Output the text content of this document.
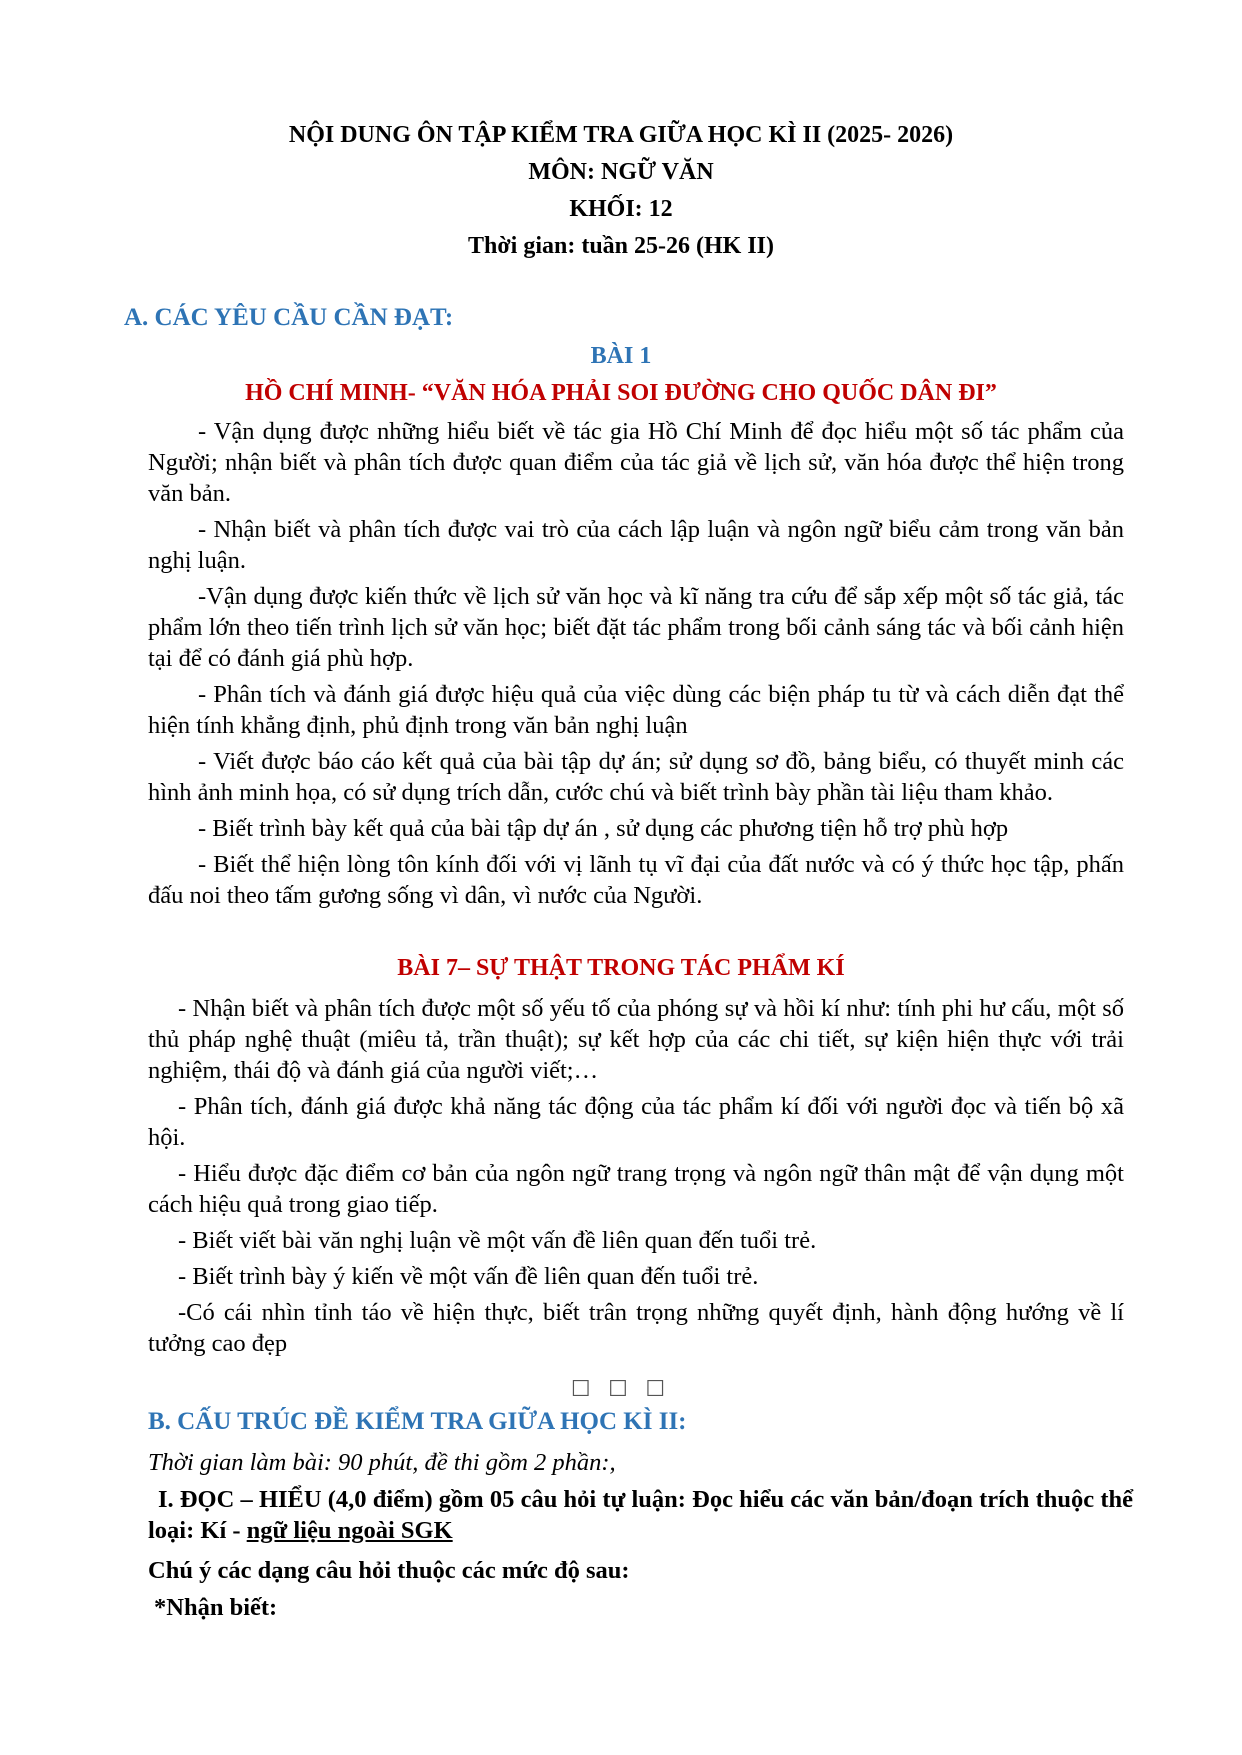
NỘI DUNG ÔN TẬP KIỂM TRA GIỮA HỌC KÌ II (2025- 2026)

MÔN: NGỮ VĂN

KHỐI: 12

Thời gian: tuần 25-26 (HK II)

A. CÁC YÊU CẦU CẦN ĐẠT:

BÀI 1

HỒ CHÍ MINH- “VĂN HÓA PHẢI SOI ĐƯỜNG CHO QUỐC DÂN ĐI”

- Vận dụng được những hiểu biết về tác gia Hồ Chí Minh để đọc hiểu một số tác phẩm của Người; nhận biết và phân tích được quan điểm của tác giả về lịch sử, văn hóa được thể hiện trong văn bản.

- Nhận biết và phân tích được vai trò của cách lập luận và ngôn ngữ biểu cảm trong văn bản nghị luận.

-Vận dụng được kiến thức về lịch sử văn học và kĩ năng tra cứu để sắp xếp một số tác giả, tác phẩm lớn theo tiến trình lịch sử văn học; biết đặt tác phẩm trong bối cảnh sáng tác và bối cảnh hiện tại để có đánh giá phù hợp.

- Phân tích và đánh giá được hiệu quả của việc dùng các biện pháp tu từ và cách diễn đạt thể hiện tính khẳng định, phủ định trong văn bản nghị luận

- Viết được báo cáo kết quả của bài tập dự án; sử dụng sơ đồ, bảng biểu, có thuyết minh các hình ảnh minh họa, có sử dụng trích dẫn, cước chú và biết trình bày phần tài liệu tham khảo.

- Biết trình bày kết quả của bài tập dự án , sử dụng các phương tiện hỗ trợ phù hợp

- Biết thể hiện lòng tôn kính đối với vị lãnh tụ vĩ đại của đất nước và có ý thức học tập, phấn đấu noi theo tấm gương sống vì dân, vì nước của Người.

BÀI 7– SỰ THẬT TRONG TÁC PHẨM KÍ

- Nhận biết và phân tích được một số yếu tố của phóng sự và hồi kí như: tính phi hư cấu, một số thủ pháp nghệ thuật (miêu tả, trần thuật); sự kết hợp của các chi tiết, sự kiện hiện thực với trải nghiệm, thái độ và đánh giá của người viết;…

- Phân tích, đánh giá được khả năng tác động của tác phẩm kí đối với người đọc và tiến bộ xã hội.

- Hiểu được đặc điểm cơ bản của ngôn ngữ trang trọng và ngôn ngữ thân mật để vận dụng một cách hiệu quả trong giao tiếp.

- Biết viết bài văn nghị luận về một vấn đề liên quan đến tuổi trẻ.

- Biết trình bày ý kiến về một vấn đề liên quan đến tuổi trẻ.

-Có cái nhìn tỉnh táo về hiện thực, biết trân trọng những quyết định, hành động hướng về lí tưởng cao đẹp

☐ ☐ ☐

B. CẤU TRÚC ĐỀ KIỂM TRA GIỮA HỌC KÌ II:

Thời gian làm bài: 90 phút, đề thi gồm 2 phần:,

I. ĐỌC – HIỂU (4,0 điểm) gồm 05 câu hỏi tự luận: Đọc hiểu các văn bản/đoạn trích thuộc thể loại: Kí - ngữ liệu ngoài SGK

Chú ý các dạng câu hỏi thuộc các mức độ sau:

*Nhận biết:
